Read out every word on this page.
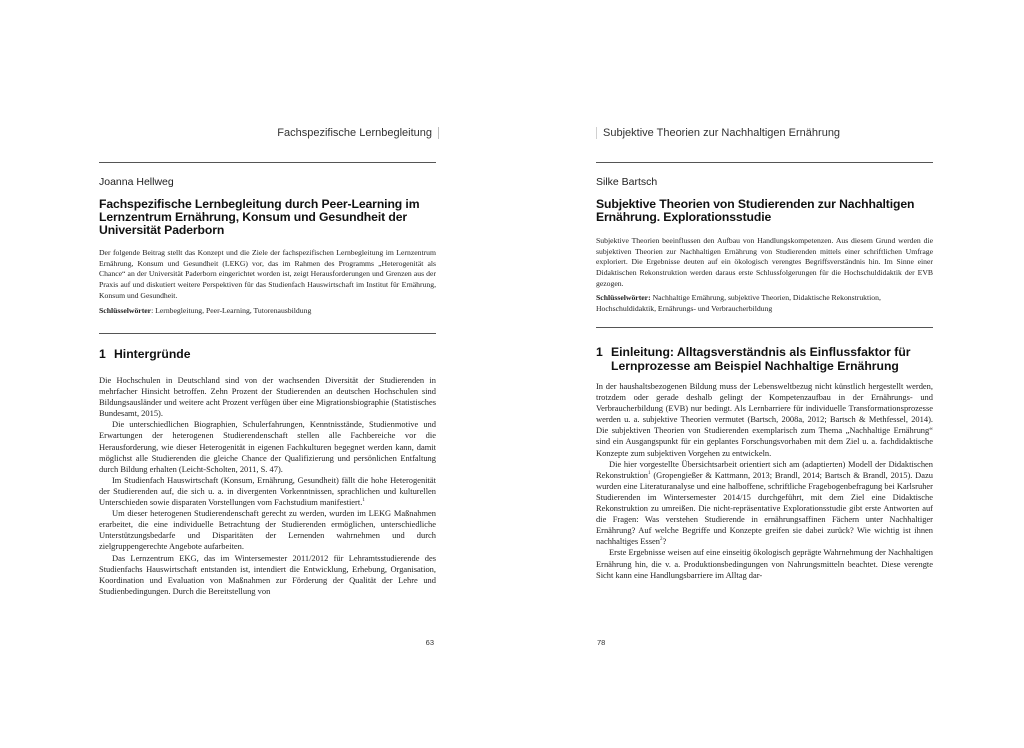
Fachspezifische Lernbegleitung
Joanna Hellweg
Fachspezifische Lernbegleitung durch Peer-Learning im Lernzentrum Ernährung, Konsum und Gesundheit der Universität Paderborn
Der folgende Beitrag stellt das Konzept und die Ziele der fachspezifischen Lernbegleitung im Lernzentrum Ernährung, Konsum und Gesundheit (LEKG) vor, das im Rahmen des Programms „Heterogenität als Chance“ an der Universität Paderborn eingerichtet worden ist, zeigt Herausforderungen und Grenzen aus der Praxis auf und diskutiert weitere Perspektiven für das Studienfach Hauswirtschaft im Institut für Ernährung, Konsum und Gesundheit.
Schlüsselwörter: Lernbegleitung, Peer-Learning, Tutorenausbildung
1 Hintergründe

Die Hochschulen in Deutschland sind von der wachsenden Diversität der Studierenden in mehrfacher Hinsicht betroffen. Zehn Prozent der Studierenden an deutschen Hochschulen sind Bildungsausländer und weitere acht Prozent verfügen über eine Migrationsbiographie (Statistisches Bundesamt, 2015).

Die unterschiedlichen Biographien, Schulerfahrungen, Kenntnisstände, Studienmotive und Erwartungen der heterogenen Studierendenschaft stellen alle Fachbereiche vor die Herausforderung, wie dieser Heterogenität in eigenen Fachkulturen begegnet werden kann, damit möglichst alle Studierenden die gleiche Chance der Qualifizierung und persönlichen Entfaltung durch Bildung erhalten (Leicht-Scholten, 2011, S. 47).

Im Studienfach Hauswirtschaft (Konsum, Ernährung, Gesundheit) fällt die hohe Heterogenität der Studierenden auf, die sich u. a. in divergenten Vorkenntnissen, sprachlichen und kulturellen Unterschieden sowie disparaten Vorstellungen vom Fachstudium manifestiert.$^1$

Um dieser heterogenen Studierendenschaft gerecht zu werden, wurden im LEKG Maßnahmen erarbeitet, die eine individuelle Betrachtung der Studierenden ermöglichen, unterschiedliche Unterstützungsbedarfe und Disparitäten der Lernenden wahrnehmen und durch zielgruppengerechte Angebote aufarbeiten.

Das Lernzentrum EKG, das im Wintersemester 2011/2012 für Lehramtsstudierende des Studienfachs Hauswirtschaft entstanden ist, intendiert die Entwicklung, Erhebung, Organisation, Koordination und Evaluation von Maßnahmen zur Förderung der Qualität der Lehre und Studienbedingungen. Durch die Bereitstellung von

63
Subjektive Theorien zur Nachhaltigen Ernährung
Silke Bartsch
Subjektive Theorien von Studierenden zur Nachhaltigen Ernährung. Explorationsstudie
Subjektive Theorien beeinflussen den Aufbau von Handlungskompetenzen. Aus diesem Grund werden die subjektiven Theorien zur Nachhaltigen Ernährung von Studierenden mittels einer schriftlichen Umfrage exploriert. Die Ergebnisse deuten auf ein ökologisch verengtes Begriffsverständnis hin. Im Sinne einer Didaktischen Rekonstruktion werden daraus erste Schlussfolgerungen für die Hochschuldidaktik der EVB gezogen.
Schlüsselwörter: Nachhaltige Ernährung, subjektive Theorien, Didaktische Rekonstruktion, Hochschuldidaktik, Ernährungs- und Verbraucherbildung
1 Einleitung: Alltagsverständnis als Einflussfaktor für
Lernprozesse am Beispiel Nachhaltige Ernährung

In der haushaltsbezogenen Bildung muss der Lebensweltbezug nicht künstlich hergestellt werden, trotzdem oder gerade deshalb gelingt der Kompetenzaufbau in der Ernährungs- und Verbraucherbildung (EVB) nur bedingt. Als Lernbarriere für individuelle Transformationsprozesse werden u. a. subjektive Theorien vermutet (Bartsch, 2008a, 2012; Bartsch & Methfessel, 2014). Die subjektiven Theorien von Studierenden exemplarisch zum Thema „Nachhaltige Ernährung“ sind ein Ausgangspunkt für ein geplantes Forschungsvorhaben mit dem Ziel u. a. fachdidaktische Konzepte zum subjektiven Vorgehen zu entwickeln.

Die hier vorgestellte Übersichtsarbeit orientiert sich am (adaptierten) Modell der Didaktischen Rekonstruktion$^1$ (Gropengießer & Kattmann, 2013; Brandl, 2014; Bartsch & Brandl, 2015). Dazu wurden eine Literaturanalyse und eine halboffene, schriftliche Fragebogenbefragung bei Karlsruher Studierenden im Wintersemester 2014/15 durchgeführt, mit dem Ziel eine Didaktische Rekonstruktion zu umreißen. Die nicht-repräsentative Explorationsstudie gibt erste Antworten auf die Fragen: Was verstehen Studierende in ernährungsaffinen Fächern unter Nachhaltiger Ernährung? Auf welche Begriffe und Konzepte greifen sie dabei zurück? Wie wichtig ist ihnen nachhaltiges Essen$^2$?

Erste Ergebnisse weisen auf eine einseitig ökologisch geprägte Wahrnehmung der Nachhaltigen Ernährung hin, die v. a. Produktionsbedingungen von Nahrungsmitteln beachtet. Diese verengte Sicht kann eine Handlungsbarriere im Alltag dar-

78
